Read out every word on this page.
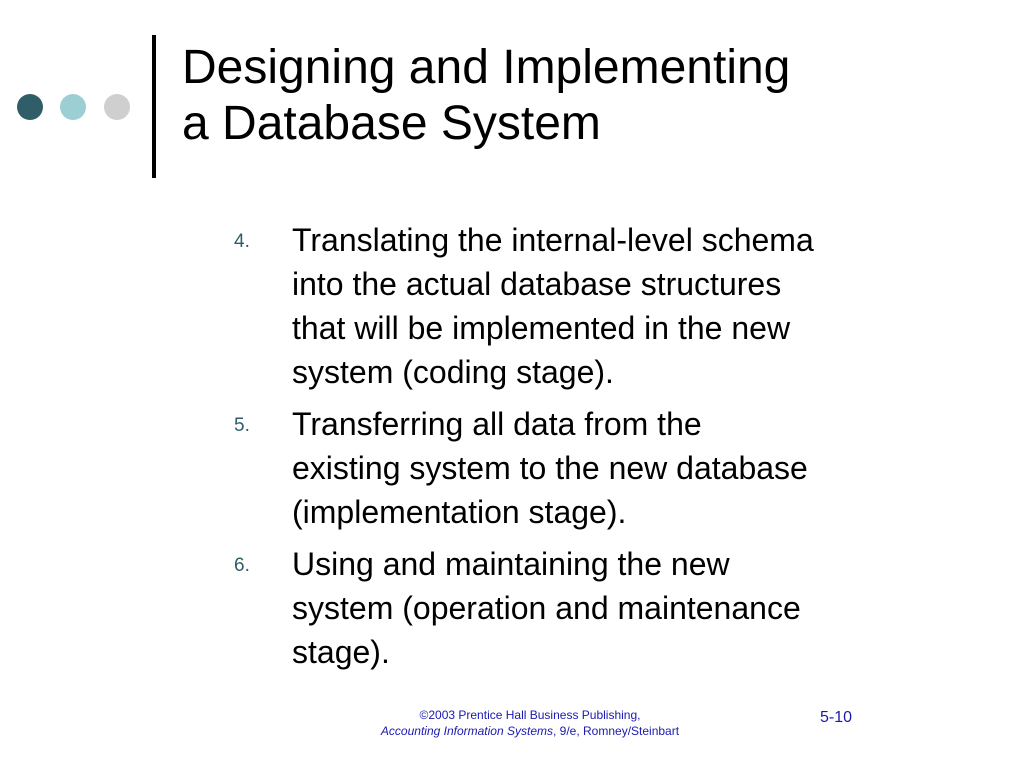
Designing and Implementing
a Database System
4. Translating the internal-level schema
into the actual database structures
that will be implemented in the new
system (coding stage).
5. Transferring all data from the
existing system to the new database
(implementation stage).
6. Using and maintaining the new
system (operation and maintenance
stage).
©2003 Prentice Hall Business Publishing,
Accounting Information Systems, 9/e, Romney/Steinbart
5-10
